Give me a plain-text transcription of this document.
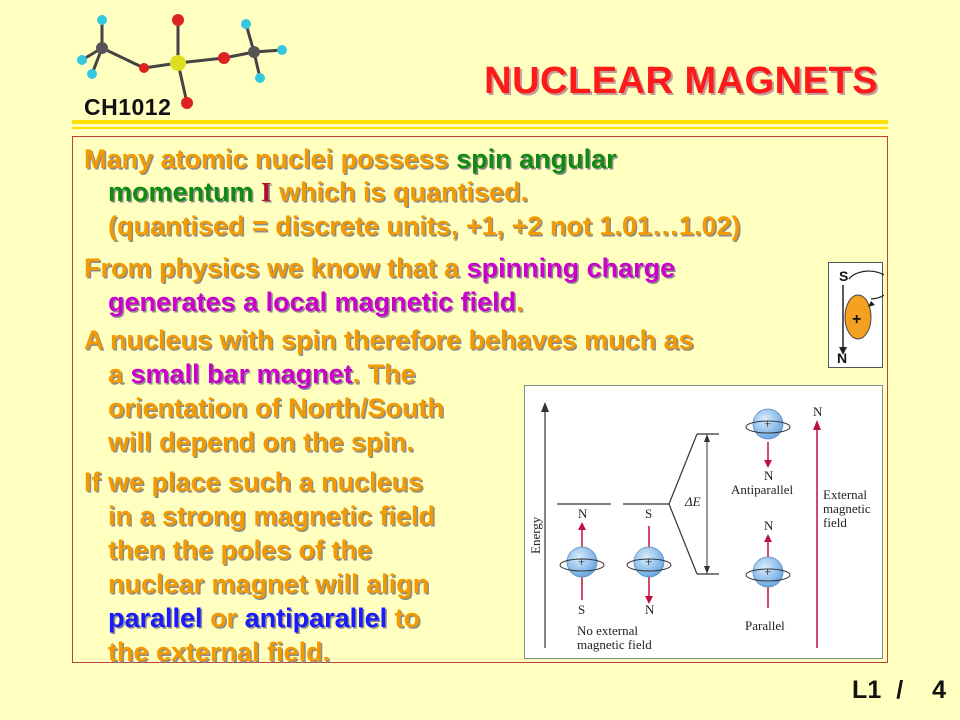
CH1012
NUCLEAR MAGNETS
Many atomic nuclei possess spin angular
momentum I which is quantised.
(quantised = discrete units, +1, +2 not 1.01…1.02)
From physics we know that a spinning charge
generates a local magnetic field.
A nucleus with spin therefore behaves much as
a small bar magnet. The
orientation of North/South
will depend on the spin.
If we place such a nucleus
in a strong magnetic field
then the poles of the
nuclear magnet will align
parallel or antiparallel to
the external field.
S
+
N
Energy
ΔE
N
+
S
S
+
N
No external
magnetic field
+
N
Antiparallel
N
+
Parallel
N
External
magnetic
field
L1 / 4
